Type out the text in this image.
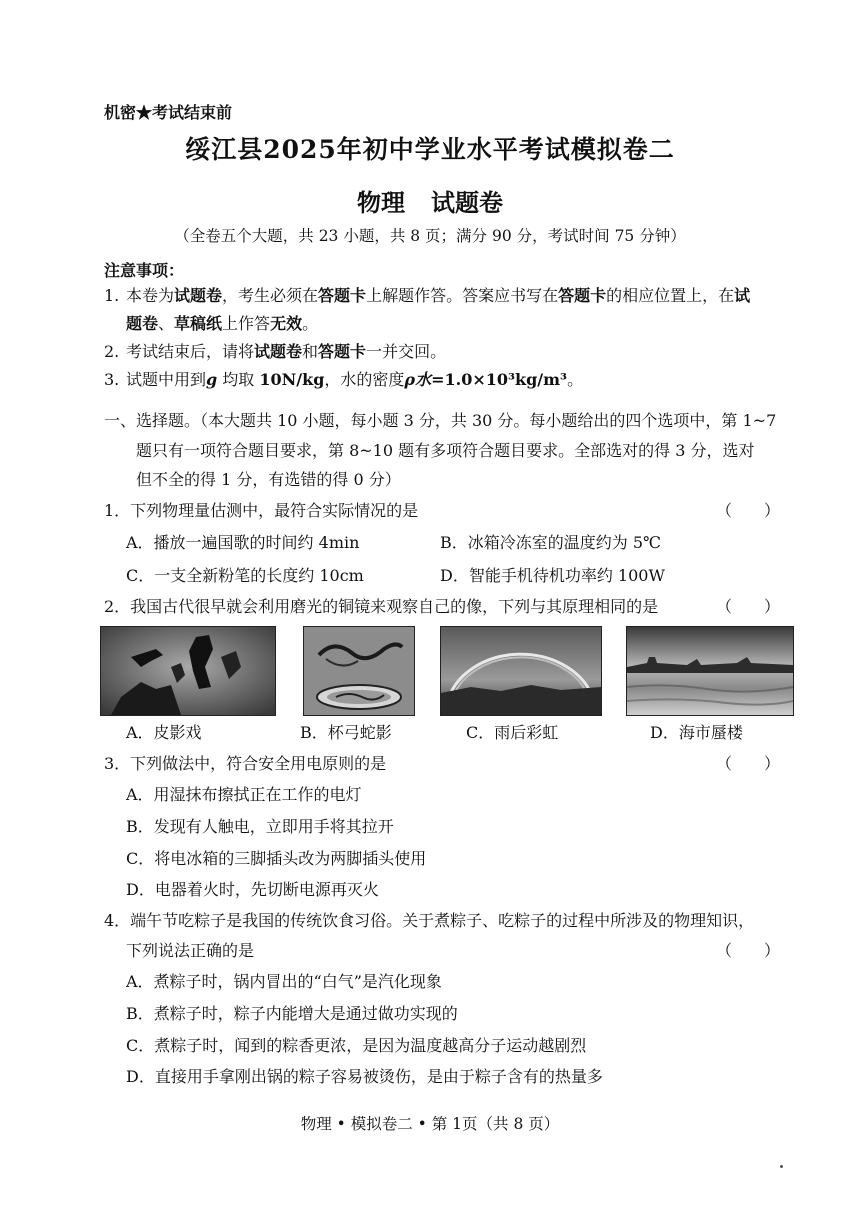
机密★考试结束前
绥江县2025年初中学业水平考试模拟卷二
物理 试题卷
（全卷五个大题，共 23 小题，共 8 页；满分 90 分，考试时间 75 分钟）
注意事项：
1. 本卷为试题卷，考生必须在答题卡上解题作答。答案应书写在答题卡的相应位置上，在试
题卷、草稿纸上作答无效。
2. 考试结束后，请将试题卷和答题卡一并交回。
3. 试题中用到g 均取 10N/kg，水的密度ρ水=1.0×10³kg/m³。
一、选择题。（本大题共 10 小题，每小题 3 分，共 30 分。每小题给出的四个选项中，第 1~7
题只有一项符合题目要求，第 8~10 题有多项符合题目要求。全部选对的得 3 分，选对
但不全的得 1 分，有选错的得 0 分）
1．下列物理量估测中，最符合实际情况的是	（　　）
A．播放一遍国歌的时间约 4min	B．冰箱冷冻室的温度约为 5℃
C．一支全新粉笔的长度约 10cm	D．智能手机待机功率约 100W
2．我国古代很早就会利用磨光的铜镜来观察自己的像，下列与其原理相同的是	（　　）
A．皮影戏	B．杯弓蛇影	C．雨后彩虹	D．海市蜃楼
3．下列做法中，符合安全用电原则的是	（　　）
A．用湿抹布擦拭正在工作的电灯
B．发现有人触电，立即用手将其拉开
C．将电冰箱的三脚插头改为两脚插头使用
D．电器着火时，先切断电源再灭火
4．端午节吃粽子是我国的传统饮食习俗。关于煮粽子、吃粽子的过程中所涉及的物理知识，
下列说法正确的是	（　　）
A．煮粽子时，锅内冒出的“白气”是汽化现象
B．煮粽子时，粽子内能增大是通过做功实现的
C．煮粽子时，闻到的粽香更浓，是因为温度越高分子运动越剧烈
D．直接用手拿刚出锅的粽子容易被烫伤，是由于粽子含有的热量多
物理 • 模拟卷二 • 第 1页（共 8 页）
